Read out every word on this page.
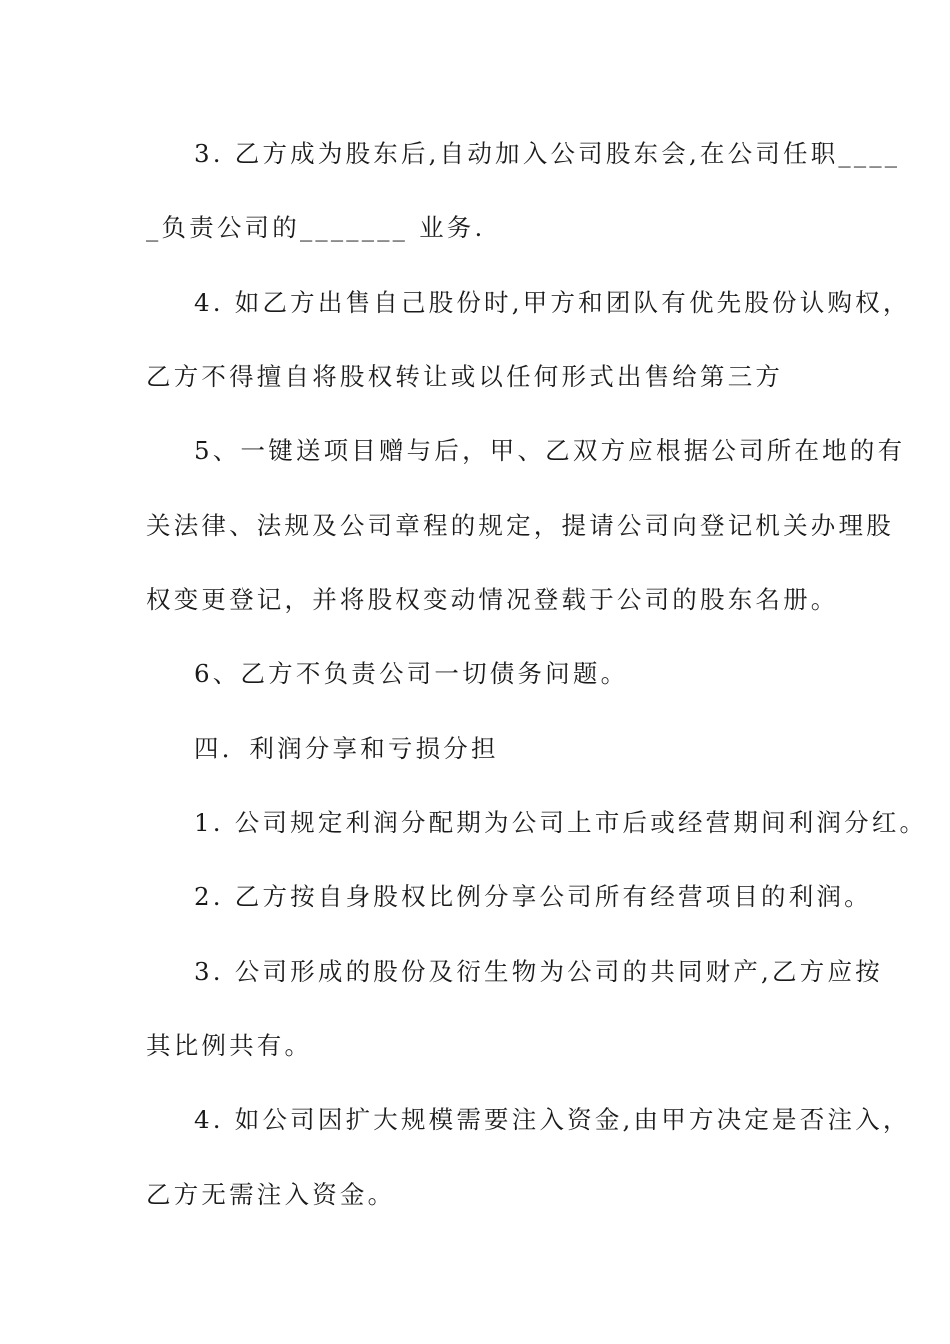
3. 乙方成为股东后,自动加入公司股东会,在公司任职____
_负责公司的_______ 业务.
4. 如乙方出售自己股份时,甲方和团队有优先股份认购权，
乙方不得擅自将股权转让或以任何形式出售给第三方
5、一键送项目赠与后，甲、乙双方应根据公司所在地的有
关法律、法规及公司章程的规定，提请公司向登记机关办理股
权变更登记，并将股权变动情况登载于公司的股东名册。
6、乙方不负责公司一切债务问题。
四．利润分享和亏损分担
1. 公司规定利润分配期为公司上市后或经营期间利润分红。
2. 乙方按自身股权比例分享公司所有经营项目的利润。
3. 公司形成的股份及衍生物为公司的共同财产,乙方应按
其比例共有。
4. 如公司因扩大规模需要注入资金,由甲方决定是否注入，
乙方无需注入资金。
